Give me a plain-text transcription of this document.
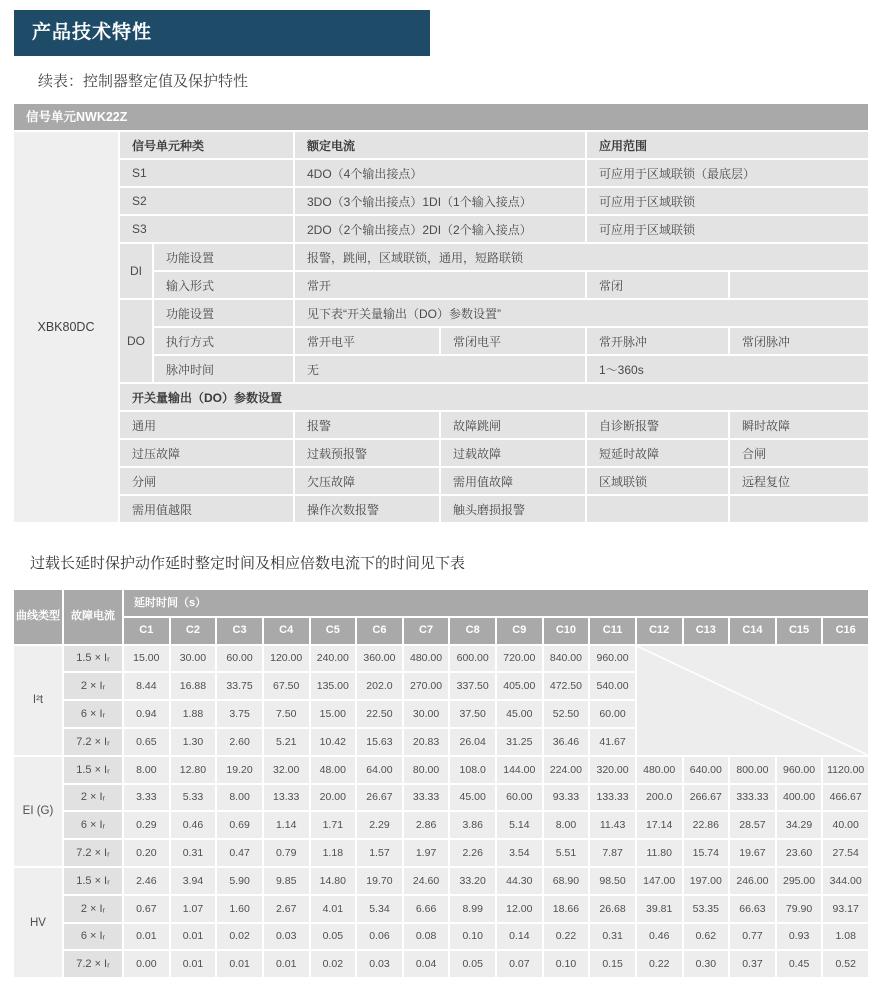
产品技术特性
续表：控制器整定值及保护特性
信号单元NWK22Z
XBK80DC
信号单元种类	额定电流	应用范围
S1	4DO（4个输出接点）	可应用于区域联锁（最底层）
S2	3DO（3个输出接点）1DI（1个输入接点）	可应用于区域联锁
S3	2DO（2个输出接点）2DI（2个输入接点）	可应用于区域联锁
DI
功能设置	报警，跳闸，区域联锁，通用，短路联锁
输入形式	常开	常闭
DO
功能设置	见下表“开关量输出（DO）参数设置”
执行方式	常开电平	常闭电平	常开脉冲	常闭脉冲
脉冲时间	无	1～360s
开关量输出（DO）参数设置
通用	报警	故障跳闸	自诊断报警	瞬时故障
过压故障	过载预报警	过载故障	短延时故障	合闸
分闸	欠压故障	需用值故障	区域联锁	远程复位
需用值越限	操作次数报警	触头磨损报警
过载长延时保护动作延时整定时间及相应倍数电流下的时间见下表
曲线 类型	故障电流
延时时间（s）
C1	C2	C3	C4	C5	C6	C7	C8	C9	C10	C11	C12	C13	C14	C15	C16
I²t
1.5 × Iᵣ	15.00	30.00	60.00	120.00	240.00	360.00	480.00	600.00	720.00	840.00	960.00
2 × Iᵣ	8.44	16.88	33.75	67.50	135.00	202.0	270.00	337.50	405.00	472.50	540.00
6 × Iᵣ	0.94	1.88	3.75	7.50	15.00	22.50	30.00	37.50	45.00	52.50	60.00
7.2 × Iᵣ	0.65	1.30	2.60	5.21	10.42	15.63	20.83	26.04	31.25	36.46	41.67
EI (G)
1.5 × Iᵣ	8.00	12.80	19.20	32.00	48.00	64.00	80.00	108.0	144.00	224.00	320.00	480.00	640.00	800.00	960.00	1120.00
2 × Iᵣ	3.33	5.33	8.00	13.33	20.00	26.67	33.33	45.00	60.00	93.33	133.33	200.0	266.67	333.33	400.00	466.67
6 × Iᵣ	0.29	0.46	0.69	1.14	1.71	2.29	2.86	3.86	5.14	8.00	11.43	17.14	22.86	28.57	34.29	40.00
7.2 × Iᵣ	0.20	0.31	0.47	0.79	1.18	1.57	1.97	2.26	3.54	5.51	7.87	11.80	15.74	19.67	23.60	27.54
HV
1.5 × Iᵣ	2.46	3.94	5.90	9.85	14.80	19.70	24.60	33.20	44.30	68.90	98.50	147.00	197.00	246.00	295.00	344.00
2 × Iᵣ	0.67	1.07	1.60	2.67	4.01	5.34	6.66	8.99	12.00	18.66	26.68	39.81	53.35	66.63	79.90	93.17
6 × Iᵣ	0.01	0.01	0.02	0.03	0.05	0.06	0.08	0.10	0.14	0.22	0.31	0.46	0.62	0.77	0.93	1.08
7.2 × Iᵣ	0.00	0.01	0.01	0.01	0.02	0.03	0.04	0.05	0.07	0.10	0.15	0.22	0.30	0.37	0.45	0.52
